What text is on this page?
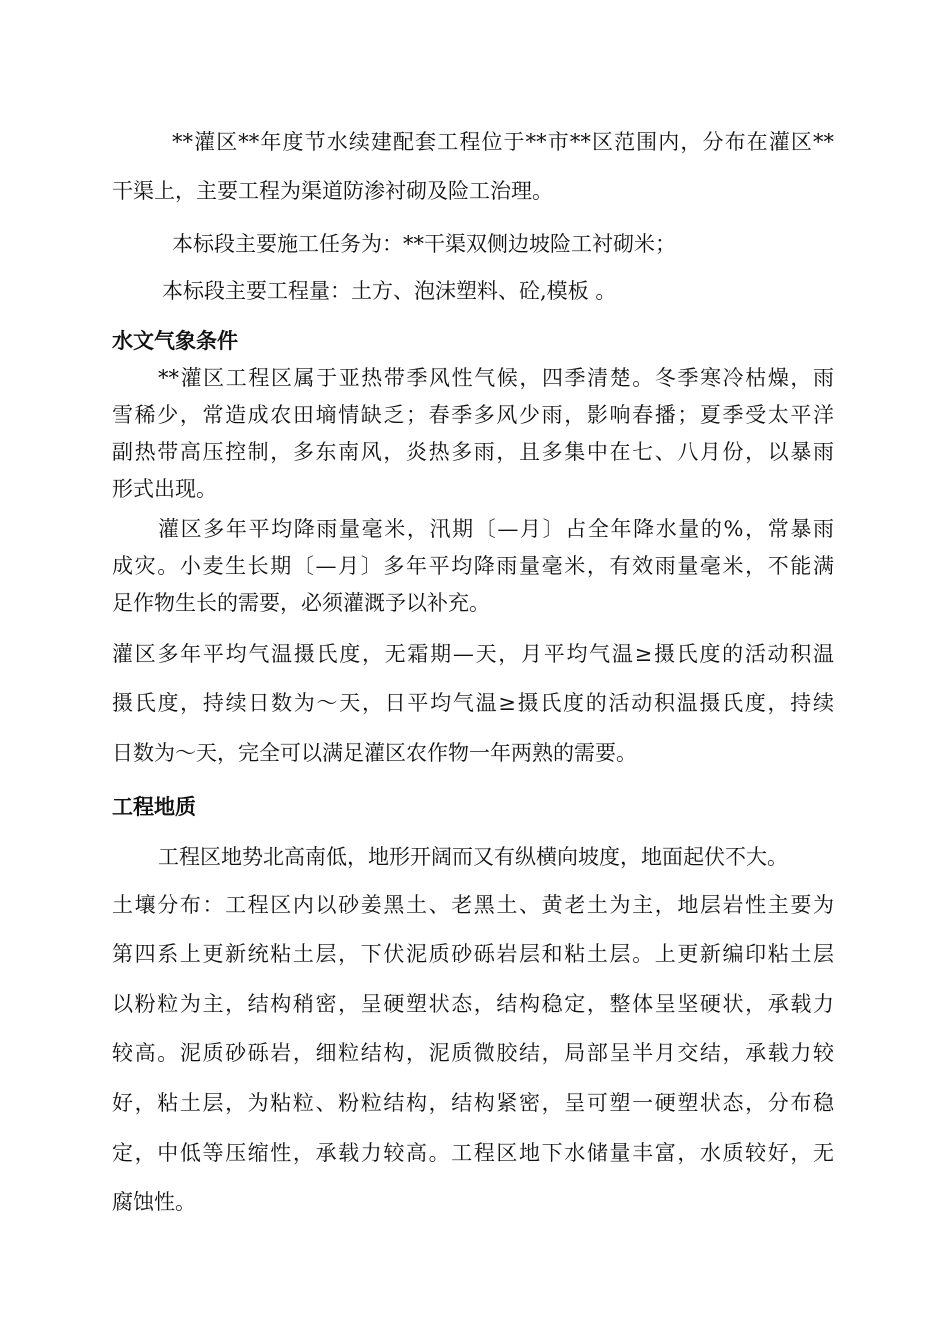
**灌区**年度节水续建配套工程位于**市**区范围内，分布在灌区**
干渠上，主要工程为渠道防渗衬砌及险工治理。
本标段主要施工任务为：**干渠双侧边坡险工衬砌米；
本标段主要工程量：土方、泡沫塑料、砼,模板 。
水文气象条件
**灌区工程区属于亚热带季风性气候，四季清楚。冬季寒冷枯燥，雨
雪稀少，常造成农田墒情缺乏；春季多风少雨，影响春播；夏季受太平洋
副热带高压控制，多东南风，炎热多雨，且多集中在七、八月份，以暴雨
形式出现。
灌区多年平均降雨量毫米，汛期〔—月〕占全年降水量的%，常暴雨
成灾。小麦生长期〔—月〕多年平均降雨量毫米，有效雨量毫米，不能满
足作物生长的需要，必须灌溉予以补充。
灌区多年平均气温摄氏度，无霜期—天，月平均气温≥摄氏度的活动积温
摄氏度，持续日数为～天，日平均气温≥摄氏度的活动积温摄氏度，持续
日数为～天，完全可以满足灌区农作物一年两熟的需要。
工程地质
工程区地势北高南低，地形开阔而又有纵横向坡度，地面起伏不大。
土壤分布：工程区内以砂姜黑土、老黑土、黄老土为主，地层岩性主要为
第四系上更新统粘土层，下伏泥质砂砾岩层和粘土层。上更新编印粘土层
以粉粒为主，结构稍密，呈硬塑状态，结构稳定，整体呈坚硬状，承载力
较高。泥质砂砾岩，细粒结构，泥质微胶结，局部呈半月交结，承载力较
好，粘土层，为粘粒、粉粒结构，结构紧密，呈可塑一硬塑状态，分布稳
定，中低等压缩性，承载力较高。工程区地下水储量丰富，水质较好，无
腐蚀性。
